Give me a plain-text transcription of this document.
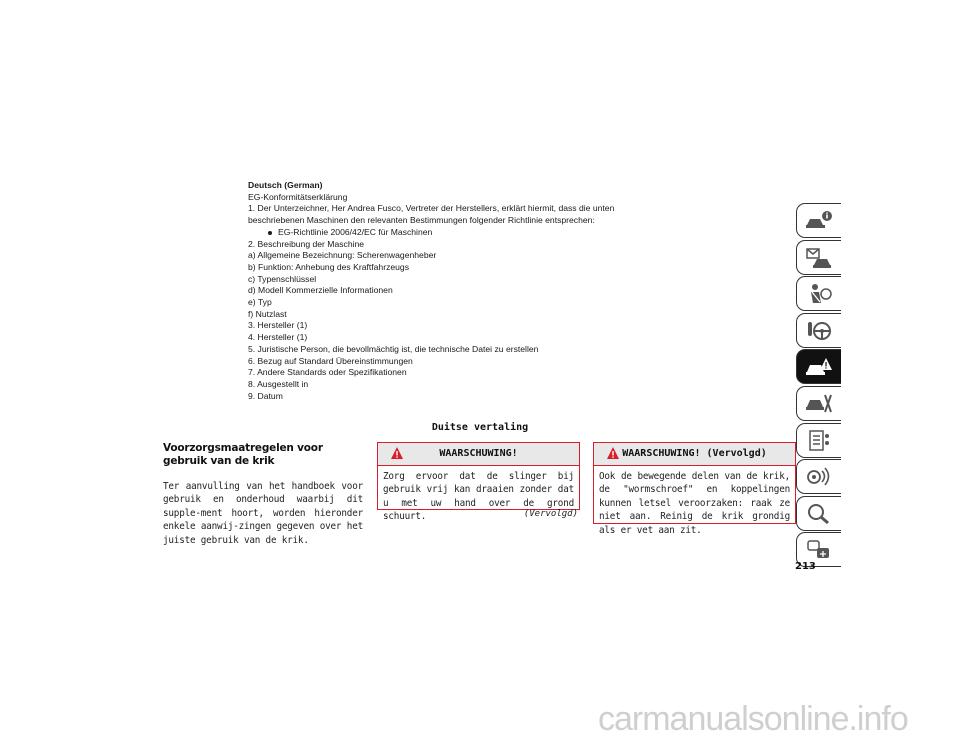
Deutsch (German)
EG-Konformitätserklärung
1. Der Unterzeichner, Her Andrea Fusco, Vertreter der Herstellers, erklärt hiermit, dass die unten
beschriebenen Maschinen den relevanten Bestimmungen folgender Richtlinie entsprechen:
EG-Richtlinie 2006/42/EC für Maschinen
2. Beschreibung der Maschine
a) Allgemeine Bezeichnung: Scherenwagenheber
b) Funktion: Anhebung des Kraftfahrzeugs
c) Typenschlüssel
d) Modell Kommerzielle Informationen
e) Typ
f) Nutzlast
3. Hersteller (1)
4. Hersteller (1)
5. Juristische Person, die bevollmächtig ist, die technische Datei zu erstellen
6. Bezug auf Standard Übereinstimmungen
7. Andere Standards oder Spezifikationen
8. Ausgestellt in
9. Datum
Duitse vertaling
Voorzorgsmaatregelen voor gebruik van de krik

Ter aanvulling van het handboek voor gebruik en onderhoud waarbij dit supple-ment hoort, worden hieronder enkele aanwij-zingen gegeven over het juiste gebruik van de krik.

WAARSCHUWING!
Zorg ervoor dat de slinger bij gebruik vrij kan draaien zonder dat u met uw hand over de grond schuurt.	(Vervolgd)
WAARSCHUWING! (Vervolgd)
Ook de bewegende delen van de krik, de "wormschroef" en koppelingen kunnen letsel veroorzaken: raak ze niet aan. Reinig de krik grondig als er vet aan zit.
213
carmanualsonline.info
